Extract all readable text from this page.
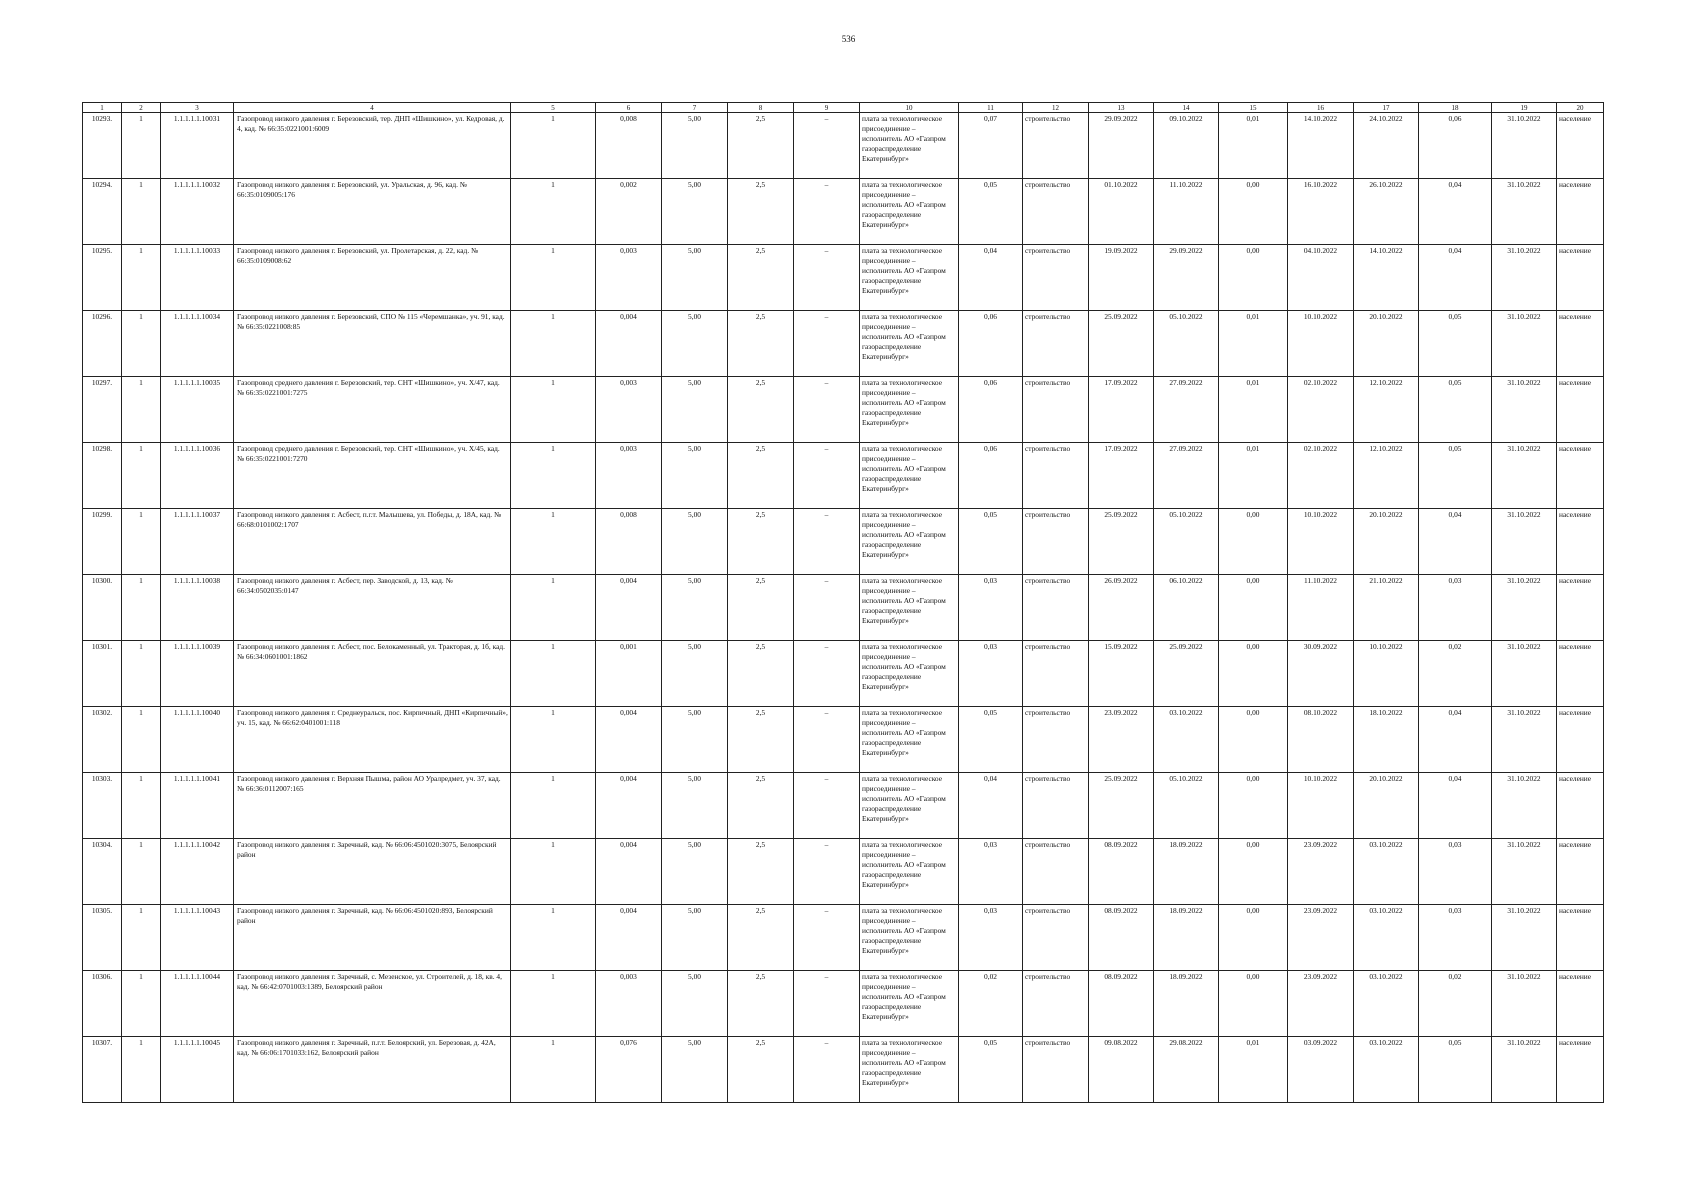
536
1	2	3	4	5	6	7	8	9	10	11	12	13	14	15	16	17	18	19	20
10293.	1	1.1.1.1.1.10031	Газопровод низкого давления г. Березовский, тер. ДНП «Шишкино», ул. Кедровая, д. 4, кад. № 66:35:0221001:6009	1	0,008	5,00	2,5	–	плата за технологическое присоединение – исполнитель АО «Газпром газораспределение Екатеринбург»	0,07	строительство	29.09.2022	09.10.2022	0,01	14.10.2022	24.10.2022	0,06	31.10.2022	население
10294.	1	1.1.1.1.1.10032	Газопровод низкого давления г. Березовский, ул. Уральская, д. 96, кад. № 66:35:0109005:176	1	0,002	5,00	2,5	–	плата за технологическое присоединение – исполнитель АО «Газпром газораспределение Екатеринбург»	0,05	строительство	01.10.2022	11.10.2022	0,00	16.10.2022	26.10.2022	0,04	31.10.2022	население
10295.	1	1.1.1.1.1.10033	Газопровод низкого давления г. Березовский, ул. Пролетарская, д. 22, кад. № 66:35:0109008:62	1	0,003	5,00	2,5	–	плата за технологическое присоединение – исполнитель АО «Газпром газораспределение Екатеринбург»	0,04	строительство	19.09.2022	29.09.2022	0,00	04.10.2022	14.10.2022	0,04	31.10.2022	население
10296.	1	1.1.1.1.1.10034	Газопровод низкого давления г. Березовский, СПО № 115 «Черемшанка», уч. 91, кад. № 66:35:0221008:85	1	0,004	5,00	2,5	–	плата за технологическое присоединение – исполнитель АО «Газпром газораспределение Екатеринбург»	0,06	строительство	25.09.2022	05.10.2022	0,01	10.10.2022	20.10.2022	0,05	31.10.2022	население
10297.	1	1.1.1.1.1.10035	Газопровод среднего давления г. Березовский, тер. СНТ «Шишкино», уч. X/47, кад. № 66:35:0221001:7275	1	0,003	5,00	2,5	–	плата за технологическое присоединение – исполнитель АО «Газпром газораспределение Екатеринбург»	0,06	строительство	17.09.2022	27.09.2022	0,01	02.10.2022	12.10.2022	0,05	31.10.2022	население
10298.	1	1.1.1.1.1.10036	Газопровод среднего давления г. Березовский, тер. СНТ «Шишкино», уч. X/45, кад. № 66:35:0221001:7270	1	0,003	5,00	2,5	–	плата за технологическое присоединение – исполнитель АО «Газпром газораспределение Екатеринбург»	0,06	строительство	17.09.2022	27.09.2022	0,01	02.10.2022	12.10.2022	0,05	31.10.2022	население
10299.	1	1.1.1.1.1.10037	Газопровод низкого давления г. Асбест, п.г.т. Малышева, ул. Победы, д. 18А, кад. № 66:68:0101002:1707	1	0,008	5,00	2,5	–	плата за технологическое присоединение – исполнитель АО «Газпром газораспределение Екатеринбург»	0,05	строительство	25.09.2022	05.10.2022	0,00	10.10.2022	20.10.2022	0,04	31.10.2022	население
10300.	1	1.1.1.1.1.10038	Газопровод низкого давления г. Асбест, пер. Заводской, д. 13, кад. № 66:34:0502035:0147	1	0,004	5,00	2,5	–	плата за технологическое присоединение – исполнитель АО «Газпром газораспределение Екатеринбург»	0,03	строительство	26.09.2022	06.10.2022	0,00	11.10.2022	21.10.2022	0,03	31.10.2022	население
10301.	1	1.1.1.1.1.10039	Газопровод низкого давления г. Асбест, пос. Белокаменный, ул. Тракторая, д. 1б, кад. № 66:34:0601001:1862	1	0,001	5,00	2,5	–	плата за технологическое присоединение – исполнитель АО «Газпром газораспределение Екатеринбург»	0,03	строительство	15.09.2022	25.09.2022	0,00	30.09.2022	10.10.2022	0,02	31.10.2022	население
10302.	1	1.1.1.1.1.10040	Газопровод низкого давления г. Среднеуральск, пос. Кирпичный, ДНП «Кирпичный», уч. 15, кад. № 66:62:0401001:118	1	0,004	5,00	2,5	–	плата за технологическое присоединение – исполнитель АО «Газпром газораспределение Екатеринбург»	0,05	строительство	23.09.2022	03.10.2022	0,00	08.10.2022	18.10.2022	0,04	31.10.2022	население
10303.	1	1.1.1.1.1.10041	Газопровод низкого давления г. Верхняя Пышма, район АО Уралредмет, уч. 37, кад. № 66:36:0112007:165	1	0,004	5,00	2,5	–	плата за технологическое присоединение – исполнитель АО «Газпром газораспределение Екатеринбург»	0,04	строительство	25.09.2022	05.10.2022	0,00	10.10.2022	20.10.2022	0,04	31.10.2022	население
10304.	1	1.1.1.1.1.10042	Газопровод низкого давления г. Заречный, кад. № 66:06:4501020:3075, Белоярский район	1	0,004	5,00	2,5	–	плата за технологическое присоединение – исполнитель АО «Газпром газораспределение Екатеринбург»	0,03	строительство	08.09.2022	18.09.2022	0,00	23.09.2022	03.10.2022	0,03	31.10.2022	население
10305.	1	1.1.1.1.1.10043	Газопровод низкого давления г. Заречный, кад. № 66:06:4501020:893, Белоярский район	1	0,004	5,00	2,5	–	плата за технологическое присоединение – исполнитель АО «Газпром газораспределение Екатеринбург»	0,03	строительство	08.09.2022	18.09.2022	0,00	23.09.2022	03.10.2022	0,03	31.10.2022	население
10306.	1	1.1.1.1.1.10044	Газопровод низкого давления г. Заречный, с. Мезенское, ул. Строителей, д. 18, кв. 4, кад. № 66:42:0701003:1389, Белоярский район	1	0,003	5,00	2,5	–	плата за технологическое присоединение – исполнитель АО «Газпром газораспределение Екатеринбург»	0,02	строительство	08.09.2022	18.09.2022	0,00	23.09.2022	03.10.2022	0,02	31.10.2022	население
10307.	1	1.1.1.1.1.10045	Газопровод низкого давления г. Заречный, п.г.т. Белоярский, ул. Березовая, д. 42А, кад. № 66:06:1701033:162, Белоярский район	1	0,076	5,00	2,5	–	плата за технологическое присоединение – исполнитель АО «Газпром газораспределение Екатеринбург»	0,05	строительство	09.08.2022	29.08.2022	0,01	03.09.2022	03.10.2022	0,05	31.10.2022	население
